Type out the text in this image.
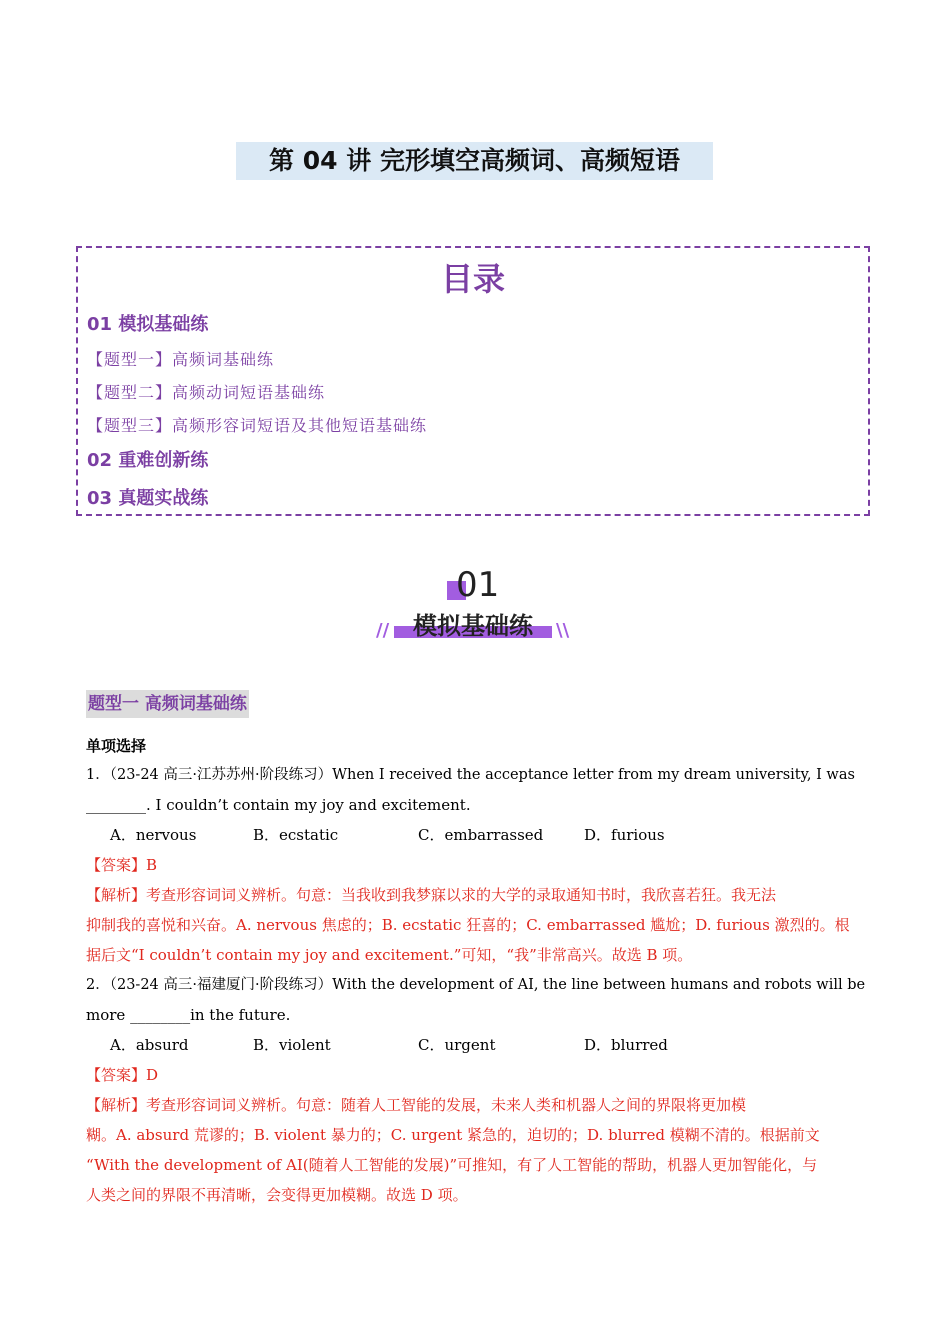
第 04 讲 完形填空高频词、高频短语
目录
01 模拟基础练
【题型一】高频词基础练
【题型二】高频动词短语基础练
【题型三】高频形容词短语及其他短语基础练
02 重难创新练
03 真题实战练
01
// 模拟基础练	\\
题型一 高频词基础练
单项选择
1．（23-24 高三·江苏苏州·阶段练习）When I received the acceptance letter from my dream university, I was
________. I couldn’t contain my joy and excitement.
A．nervous	B．ecstatic	C．embarrassed	D．furious
【答案】B
【解析】考查形容词词义辨析。句意：当我收到我梦寐以求的大学的录取通知书时，我欣喜若狂。我无法
抑制我的喜悦和兴奋。A. nervous 焦虑的；B. ecstatic 狂喜的；C. embarrassed 尴尬；D. furious 激烈的。根
据后文“I couldn’t contain my joy and excitement.”可知，“我”非常高兴。故选 B 项。
2．（23-24 高三·福建厦门·阶段练习）With the development of AI, the line between humans and robots will be
more ________in the future.
A．absurd	B．violent	C．urgent	D．blurred
【答案】D
【解析】考查形容词词义辨析。句意：随着人工智能的发展，未来人类和机器人之间的界限将更加模
糊。A. absurd 荒谬的；B. violent 暴力的；C. urgent 紧急的，迫切的；D. blurred 模糊不清的。根据前文
“With the development of AI(随着人工智能的发展)”可推知，有了人工智能的帮助，机器人更加智能化，与
人类之间的界限不再清晰，会变得更加模糊。故选 D 项。
